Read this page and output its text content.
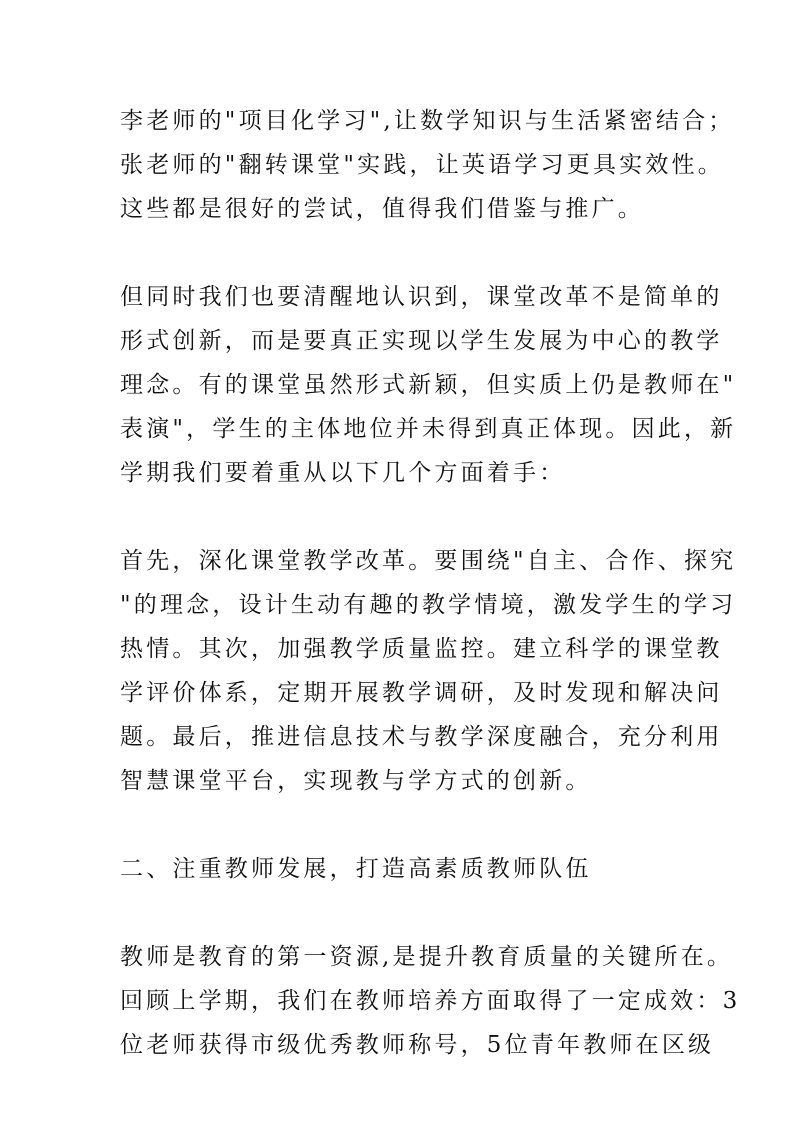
李老师的"项目化学习",让数学知识与生活紧密结合；
张老师的"翻转课堂"实践，让英语学习更具实效性。
这些都是很好的尝试，值得我们借鉴与推广。
但同时我们也要清醒地认识到，课堂改革不是简单的
形式创新，而是要真正实现以学生发展为中心的教学
理念。有的课堂虽然形式新颖，但实质上仍是教师在"
表演"，学生的主体地位并未得到真正体现。因此，新
学期我们要着重从以下几个方面着手：
首先，深化课堂教学改革。要围绕"自主、合作、探究
"的理念，设计生动有趣的教学情境，激发学生的学习
热情。其次，加强教学质量监控。建立科学的课堂教
学评价体系，定期开展教学调研，及时发现和解决问
题。最后，推进信息技术与教学深度融合，充分利用
智慧课堂平台，实现教与学方式的创新。
二、注重教师发展，打造高素质教师队伍
教师是教育的第一资源,是提升教育质量的关键所在。
回顾上学期，我们在教师培养方面取得了一定成效：3
位老师获得市级优秀教师称号，5位青年教师在区级
